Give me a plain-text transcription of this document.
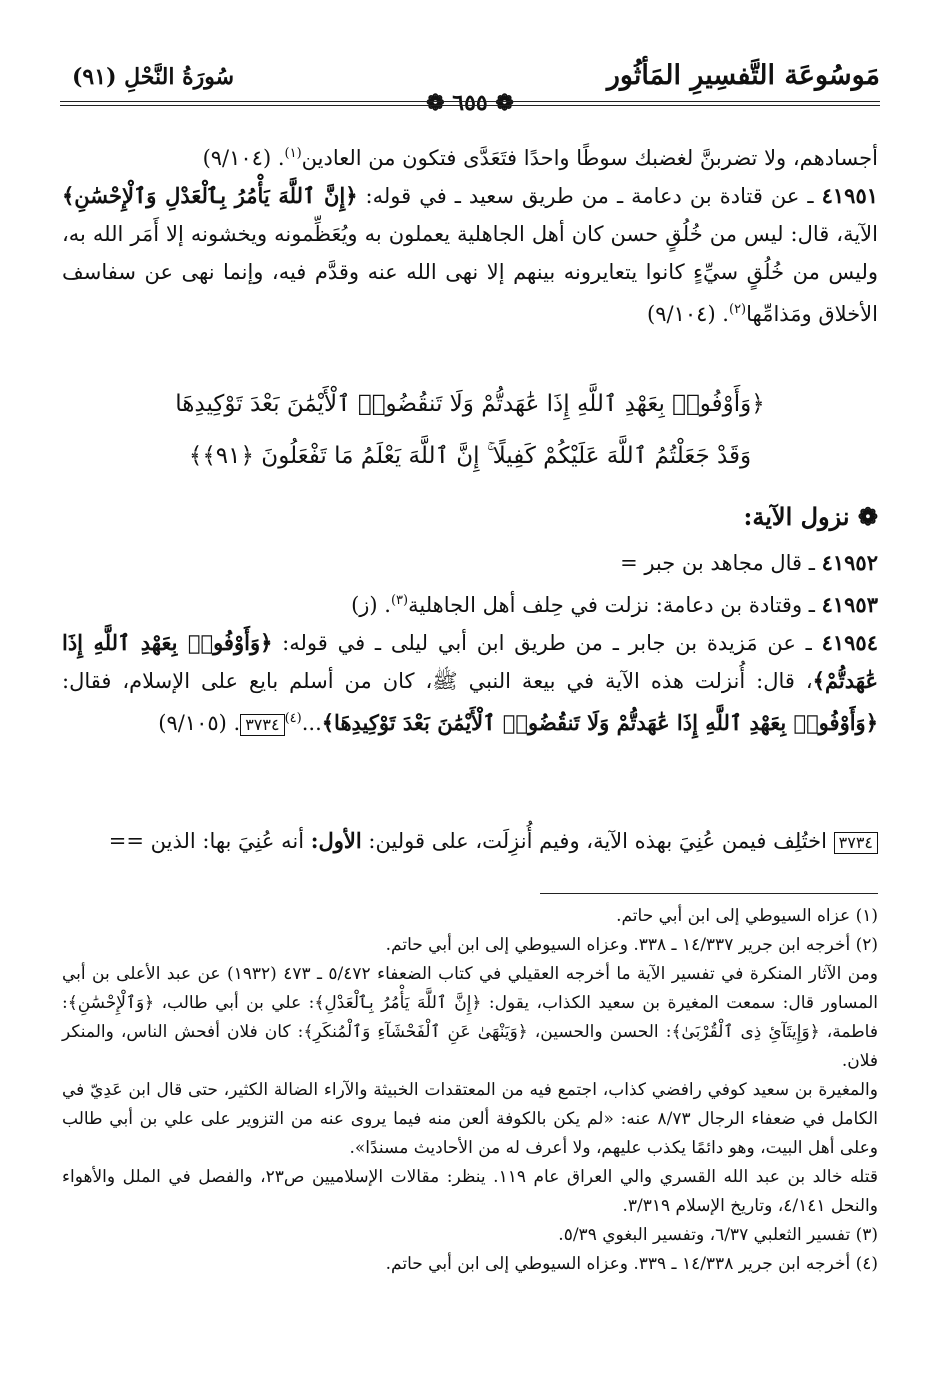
مَوسُوعَة التَّفسِيرِ المَأثُور
سُورَةُ النَّحْلِ (٩١)
❁ ٦٥٥ ❁
أجسادهم، ولا تضربنَّ لغضبك سوطًا واحدًا فتَعَدَّى فتكون من العادين$^{(١)}$. (٩/١٠٤)
٤١٩٥١ ـ عن قتادة بن دعامة ـ من طريق سعيد ـ في قوله: ﴿إِنَّ ٱللَّهَ يَأْمُرُ بِٱلْعَدْلِ وَٱلْإِحْسَٰنِ﴾ الآية، قال: ليس من خُلُقٍ حسن كان أهل الجاهلية يعملون به ويُعَظِّمونه ويخشونه إلا أَمَر الله به، وليس من خُلُقٍ سيِّءٍ كانوا يتعايرونه بينهم إلا نهى الله عنه وقدَّم فيه، وإنما نهى عن سفاسف الأخلاق ومَذامِّها$^{(٢)}$. (٩/١٠٤)
﴿وَأَوْفُوا۟ بِعَهْدِ ٱللَّهِ إِذَا عَٰهَدتُّمْ وَلَا تَنقُضُوا۟ ٱلْأَيْمَٰنَ بَعْدَ تَوْكِيدِهَا
وَقَدْ جَعَلْتُمُ ٱللَّهَ عَلَيْكُمْ كَفِيلًا ۚ إِنَّ ٱللَّهَ يَعْلَمُ مَا تَفْعَلُونَ ﴿٩١﴾﴾
❁ نزول الآية:
٤١٩٥٢ ـ قال مجاهد بن جبر =
٤١٩٥٣ ـ وقتادة بن دعامة: نزلت في حِلف أهل الجاهلية$^{(٣)}$. (ز)
٤١٩٥٤ ـ عن مَزيدة بن جابر ـ من طريق ابن أبي ليلى ـ في قوله: ﴿وَأَوْفُوا۟ بِعَهْدِ ٱللَّهِ إِذَا عَٰهَدتُّمْ﴾، قال: أُنزلت هذه الآية في بيعة النبي ﷺ، كان من أسلم بايع على الإسلام، فقال: ﴿وَأَوْفُوا۟ بِعَهْدِ ٱللَّهِ إِذَا عَٰهَدتُّمْ وَلَا تَنقُضُوا۟ ٱلْأَيْمَٰنَ بَعْدَ تَوْكِيدِهَا﴾...$^{(٤)}$٣٧٣٤. (٩/١٠٥)
٣٧٣٤ اختُلِف فيمن عُنِيَ بهذه الآية، وفيم أُنزِلَت، على قولين: الأول: أنه عُنِيَ بها: الذين ==

(١) عزاه السيوطي إلى ابن أبي حاتم.

(٢) أخرجه ابن جرير ١٤/٣٣٧ ـ ٣٣٨. وعزاه السيوطي إلى ابن أبي حاتم.

ومن الآثار المنكرة في تفسير الآية ما أخرجه العقيلي في كتاب الضعفاء ٥/٤٧٢ ـ ٤٧٣ (١٩٣٢) عن عبد الأعلى بن أبي المساور قال: سمعت المغيرة بن سعيد الكذاب، يقول: ﴿إِنَّ ٱللَّهَ يَأْمُرُ بِٱلْعَدْلِ﴾: علي بن أبي طالب، ﴿وَٱلْإِحْسَٰنِ﴾: فاطمة، ﴿وَإِيتَآئِ ذِى ٱلْقُرْبَىٰ﴾: الحسن والحسين، ﴿وَيَنْهَىٰ عَنِ ٱلْفَحْشَآءِ وَٱلْمُنكَرِ﴾: كان فلان أفحش الناس، والمنكر فلان.

والمغيرة بن سعيد كوفي رافضي كذاب، اجتمع فيه من المعتقدات الخبيثة والآراء الضالة الكثير، حتى قال ابن عَدِيّ في الكامل في ضعفاء الرجال ٨/٧٣ عنه: «لم يكن بالكوفة ألعن منه فيما يروى عنه من التزوير على علي بن أبي طالب وعلى أهل البيت، وهو دائمًا يكذب عليهم، ولا أعرف له من الأحاديث مسندًا».

قتله خالد بن عبد الله القسري والي العراق عام ١١٩. ينظر: مقالات الإسلاميين ص٢٣، والفصل في الملل والأهواء والنحل ٤/١٤١، وتاريخ الإسلام ٣/٣١٩.

(٣) تفسير الثعلبي ٦/٣٧، وتفسير البغوي ٥/٣٩.

(٤) أخرجه ابن جرير ١٤/٣٣٨ ـ ٣٣٩. وعزاه السيوطي إلى ابن أبي حاتم.
